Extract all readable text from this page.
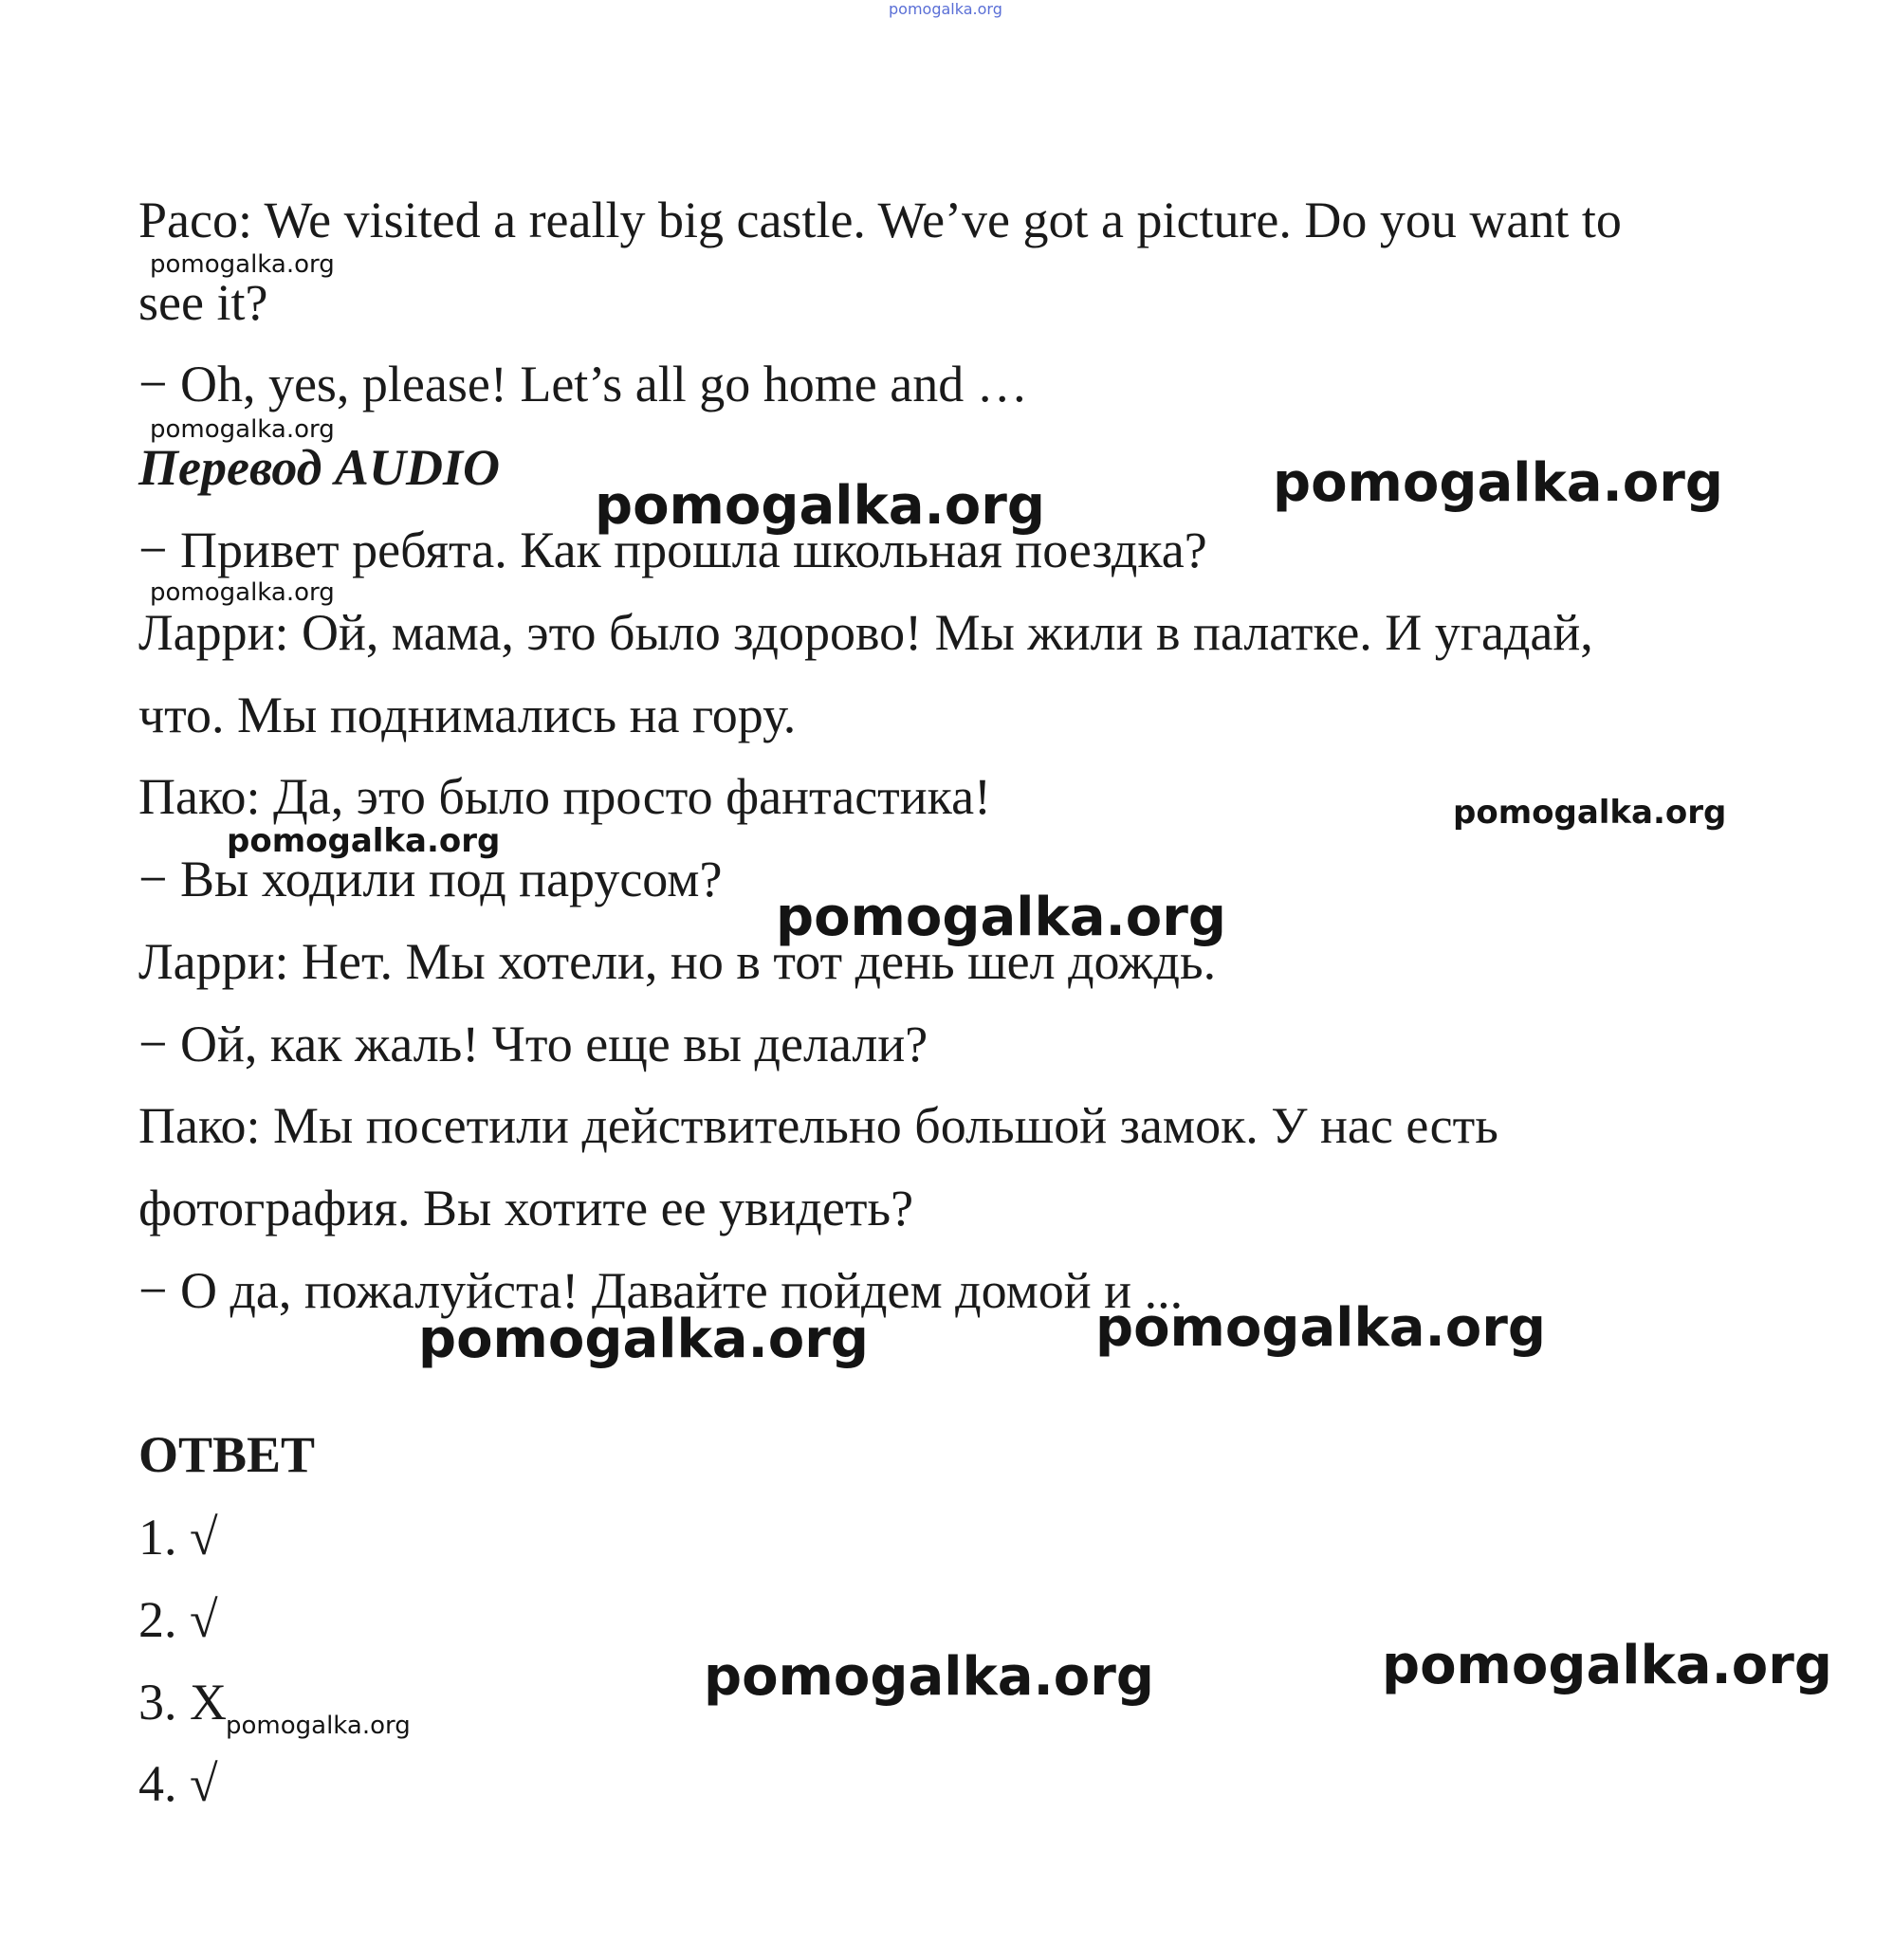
pomogalka.org
Paco: We visited a really big castle. We’ve got a picture. Do you want to
see it?
− Oh, yes, please! Let’s all go home and …
Перевод AUDIO
− Привет ребята. Как прошла школьная поездка?
Ларри: Ой, мама, это было здорово! Мы жили в палатке. И угадай,
что. Мы поднимались на гору.
Пако: Да, это было просто фантастика!
− Вы ходили под парусом?
Ларри: Нет. Мы хотели, но в тот день шел дождь.
− Ой, как жаль! Что еще вы делали?
Пако: Мы посетили действительно большой замок. У нас есть
фотография. Вы хотите ее увидеть?
− О да, пожалуйста! Давайте пойдем домой и ...
ОТВЕТ
1. √
2. √
3. X
4. √
pomogalka.org
pomogalka.org
pomogalka.org	pomogalka.org
pomogalka.org
pomogalka.org
pomogalka.org
pomogalka.org
pomogalka.org
pomogalka.org
pomogalka.org	pomogalka.org
pomogalka.org
